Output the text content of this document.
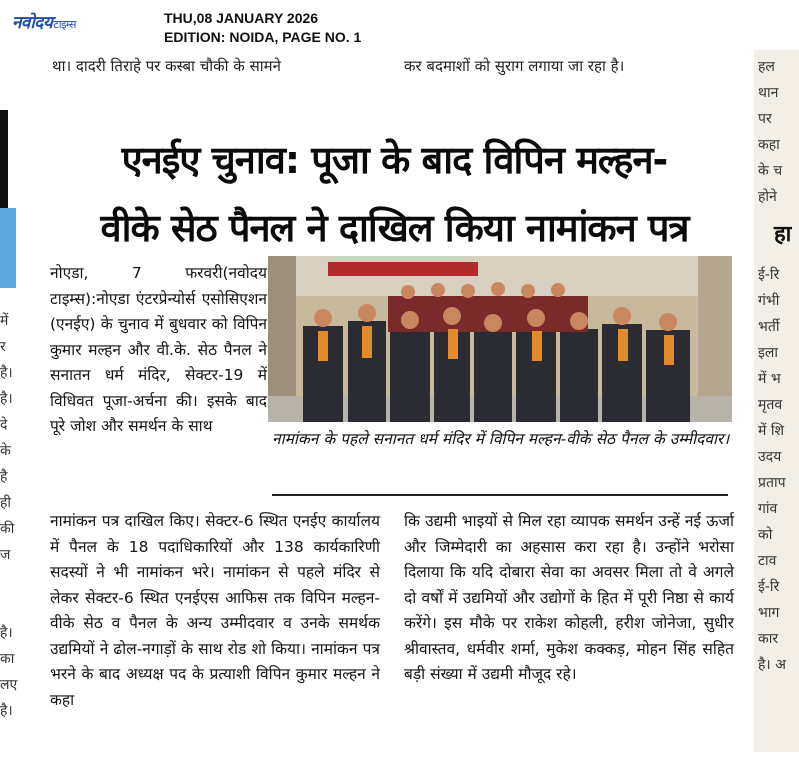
नवोदयटाइम्स	THU,08 JANUARY 2026
EDITION: NOIDA, PAGE NO. 1
में
र
है।
है।
दे
के
है
ही
की
ज
है।
का
लए
है।
था। दादरी तिराहे पर कस्बा चौकी के सामने	कर बदमाशों को सुराग लगाया जा रहा है।
एनईए चुनाव: पूजा के बाद विपिन मल्हन-
वीके सेठ पैनल ने दाखिल किया नामांकन पत्र
नोएडा, 7 फरवरी(नवोदय टाइम्स):नोएडा एंटरप्रेन्योर्स एसोसिएशन (एनईए) के चुनाव में बुधवार को विपिन कुमार मल्हन और वी.के. सेठ पैनल ने सनातन धर्म मंदिर, सेक्टर-19 में विधिवत पूजा-अर्चना की। इसके बाद पूरे जोश और समर्थन के साथ
नामांकन के पहले सनानत धर्म मंदिर में विपिन मल्हन-वीके सेठ पैनल के उम्मीदवार।
नामांकन पत्र दाखिल किए। सेक्टर-6 स्थित एनईए कार्यालय में पैनल के 18 पदाधिकारियों और 138 कार्यकारिणी सदस्यों ने भी नामांकन भरे। नामांकन से पहले मंदिर से लेकर सेक्टर-6 स्थित एनईएस आफिस तक विपिन मल्हन-वीके सेठ व पैनल के अन्य उम्मीदवार व उनके समर्थक उद्यमियों ने ढोल-नगाड़ों के साथ रोड शो किया। नामांकन पत्र भरने के बाद अध्यक्ष पद के प्रत्याशी विपिन कुमार मल्हन ने कहा
कि उद्यमी भाइयों से मिल रहा व्यापक समर्थन उन्हें नई ऊर्जा और जिम्मेदारी का अहसास करा रहा है। उन्होंने भरोसा दिलाया कि यदि दोबारा सेवा का अवसर मिला तो वे अगले दो वर्षों में उद्यमियों और उद्योगों के हित में पूरी निष्ठा से कार्य करेंगे। इस मौके पर राकेश कोहली, हरीश जोनेजा, सुधीर श्रीवास्तव, धर्मवीर शर्मा, मुकेश कक्कड़, मोहन सिंह सहित बड़ी संख्या में उद्यमी मौजूद रहे।
हल
थान
पर
कहा
के च
होने
ई-रि
गंभी
भर्ती
इला
में भ
मृतव
में शि
उदय
प्रताप
गांव
को
टाव
ई-रि
भाग
कार
है। अ
हा
